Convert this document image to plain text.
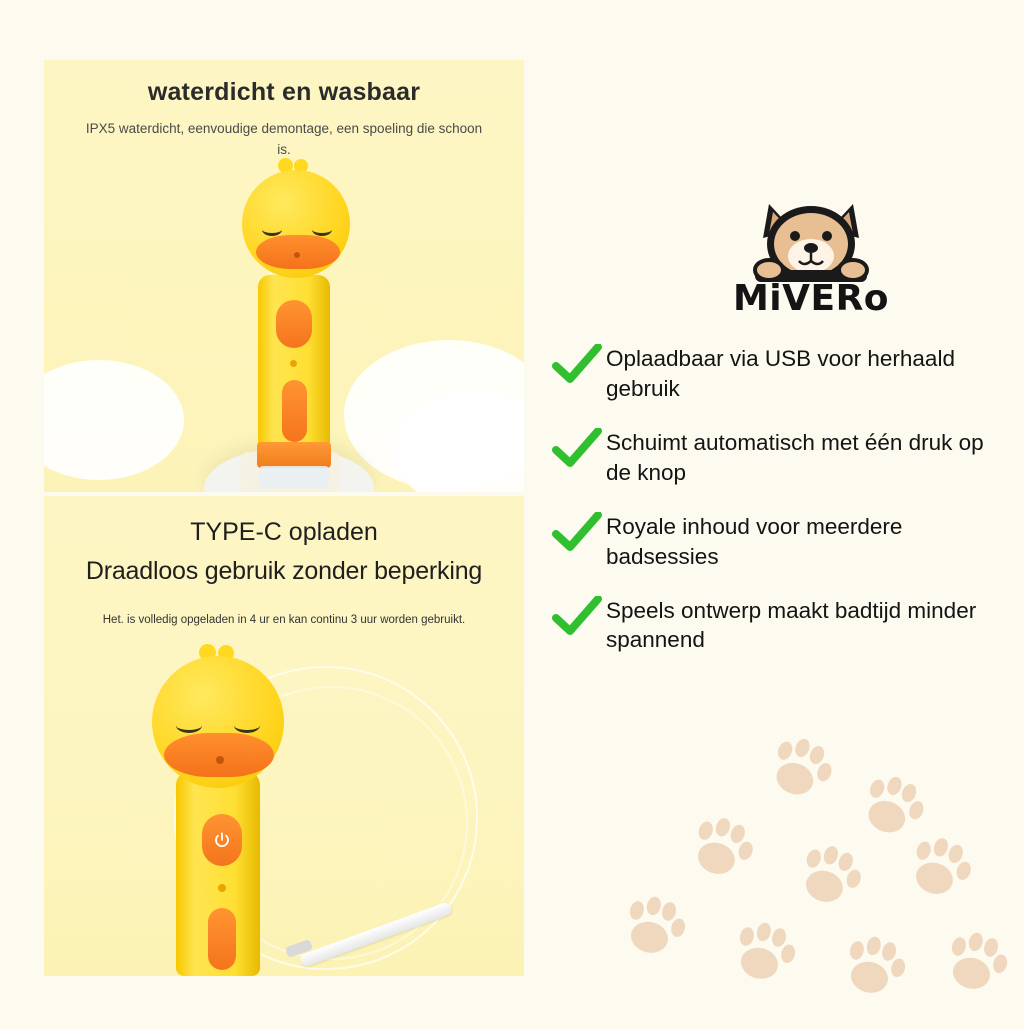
waterdicht en wasbaar
IPX5 waterdicht, eenvoudige demontage, een spoeling die schoon is.
TYPE-C opladen
Draadloos gebruik zonder beperking
Het. is volledig opgeladen in 4 ur en kan continu 3 uur worden gebruikt.
MiVERo
Oplaadbaar via USB voor herhaald gebruik
Schuimt automatisch met één druk op de knop
Royale inhoud voor meerdere badsessies
Speels ontwerp maakt badtijd minder spannend
